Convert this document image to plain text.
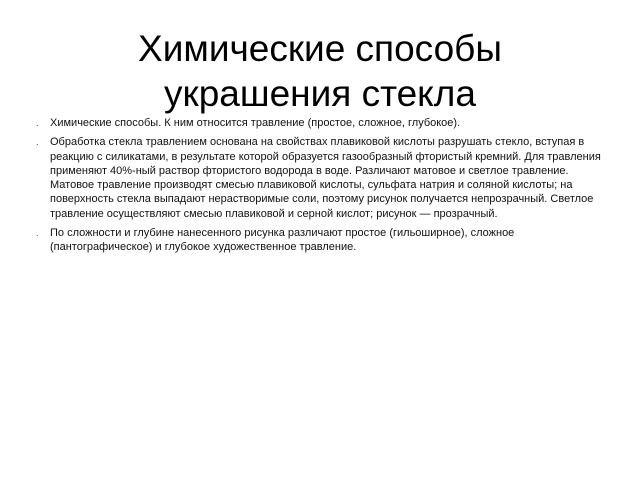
Химические способы
украшения стекла
. Химические способы. К ним относится травление (простое, сложное, глубокое).
. Обработка стекла травлением основана на свойствах плавиковой кислоты разрушать стекло, вступая в реакцию с силикатами, в результате которой образуется газообразный фтористый кремний. Для травления применяют 40%-ный раствор фтористого водорода в воде. Различают матовое и светлое травление. Матовое травление производят смесью плавиковой кислоты, сульфата натрия и соляной кислоты; на поверхность стекла выпадают нерастворимые соли, поэтому рисунок получается непрозрачный. Светлое травление осуществляют смесью плавиковой и серной кислот; рисунок — прозрачный.
. По сложности и глубине нанесенного рисунка различают простое (гильоширное), сложное (пантографическое) и глубокое художественное травление.
